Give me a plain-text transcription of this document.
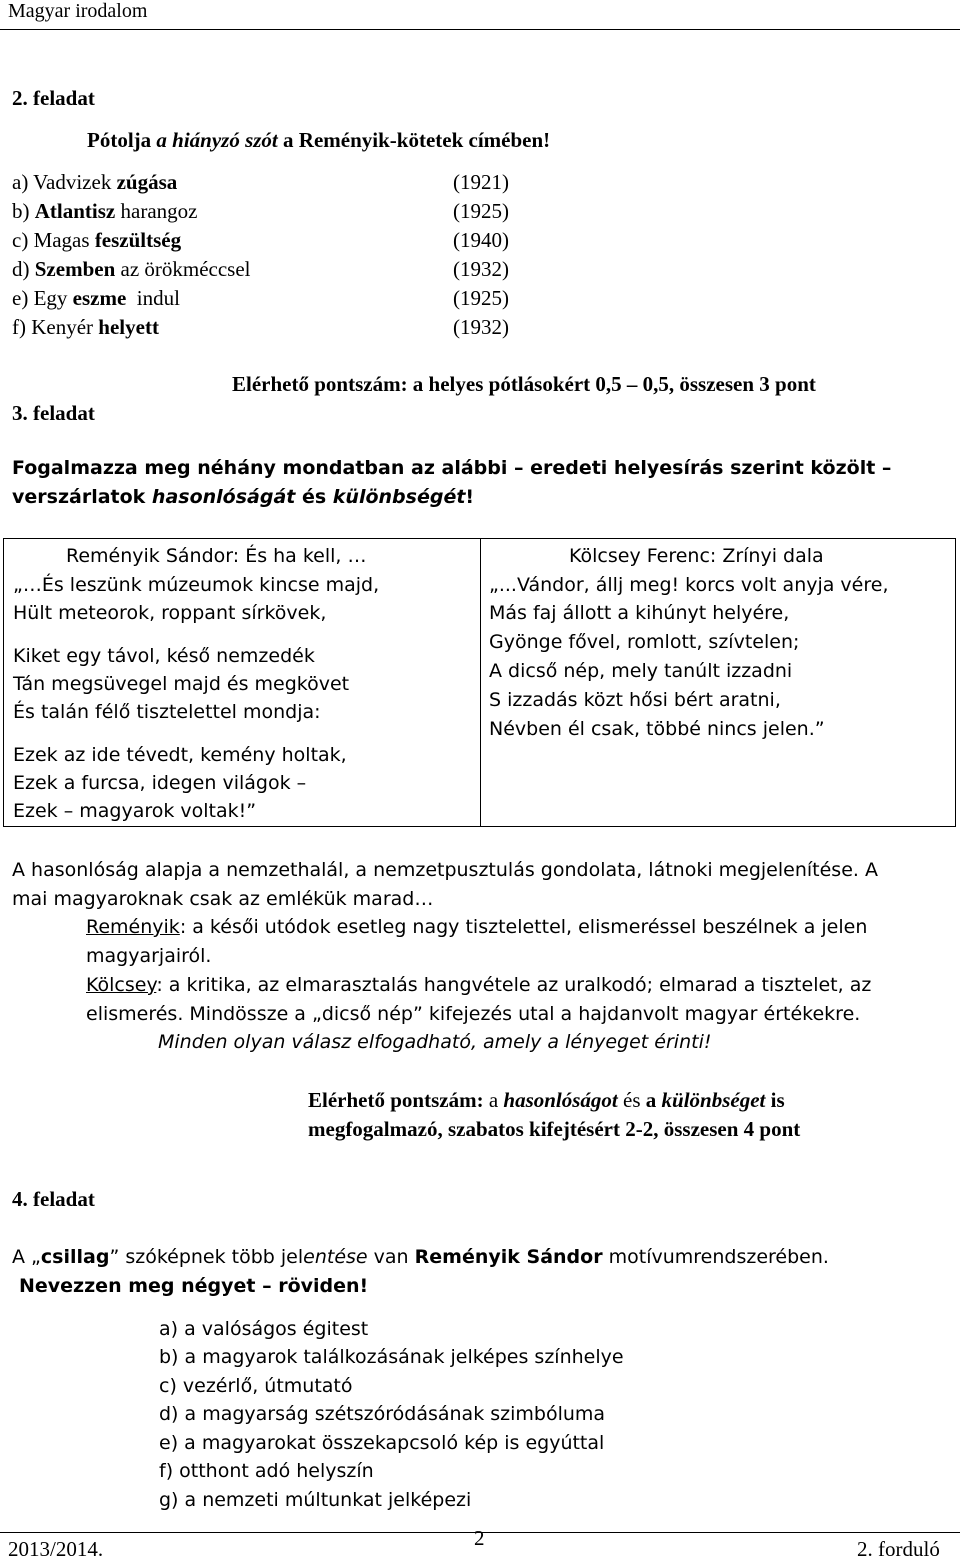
Magyar irodalom
2. feladat
Pótolja a hiányzó szót a Reményik-kötetek címében!
a) Vadvizek zúgása	(1921)
b) Atlantisz harangoz	(1925)
c) Magas feszültség	(1940)
d) Szemben az örökméccsel	(1932)
e) Egy eszme  indul	(1925)
f) Kenyér helyett	(1932)
Elérhető pontszám: a helyes pótlásokért 0,5 – 0,5, összesen 3 pont
3. feladat
Fogalmazza meg néhány mondatban az alábbi – eredeti helyesírás szerint közölt –
verszárlatok hasonlóságát és különbségét!
Reményik Sándor: És ha kell, …
„…És leszünk múzeumok kincse majd,
Hült meteorok, roppant sírkövek,
Kiket egy távol, késő nemzedék
Tán megsüvegel majd és megkövet
És talán félő tisztelettel mondja:
Ezek az ide tévedt, kemény holtak,
Ezek a furcsa, idegen világok –
Ezek – magyarok voltak!”
Kölcsey Ferenc: Zrínyi dala
„...Vándor, állj meg! korcs volt anyja vére,
Más faj állott a kihúnyt helyére,
Gyönge fővel, romlott, szívtelen;
A dicső nép, mely tanúlt izzadni
S izzadás közt hősi bért aratni,
Névben él csak, többé nincs jelen.”
A hasonlóság alapja a nemzethalál, a nemzetpusztulás gondolata, látnoki megjelenítése. A
mai magyaroknak csak az emlékük marad…
Reményik: a késői utódok esetleg nagy tisztelettel, elismeréssel beszélnek a jelen
magyarjairól.
Kölcsey: a kritika, az elmarasztalás hangvétele az uralkodó; elmarad a tisztelet, az
elismerés. Mindössze a „dicső nép” kifejezés utal a hajdanvolt magyar értékekre.
Minden olyan válasz elfogadható, amely a lényeget érinti!
Elérhető pontszám: a hasonlóságot és a különbséget is
megfogalmazó, szabatos kifejtésért 2-2, összesen 4 pont
4. feladat
A „csillag” szóképnek több jelentése van Reményik Sándor motívumrendszerében.
Nevezzen meg négyet – röviden!
a) a valóságos égitest
b) a magyarok találkozásának jelképes színhelye
c) vezérlő, útmutató
d) a magyarság szétszóródásának szimbóluma
e) a magyarokat összekapcsoló kép is egyúttal
f) otthont adó helyszín
g) a nemzeti múltunkat jelképezi
2013/2014.	2	2. forduló
